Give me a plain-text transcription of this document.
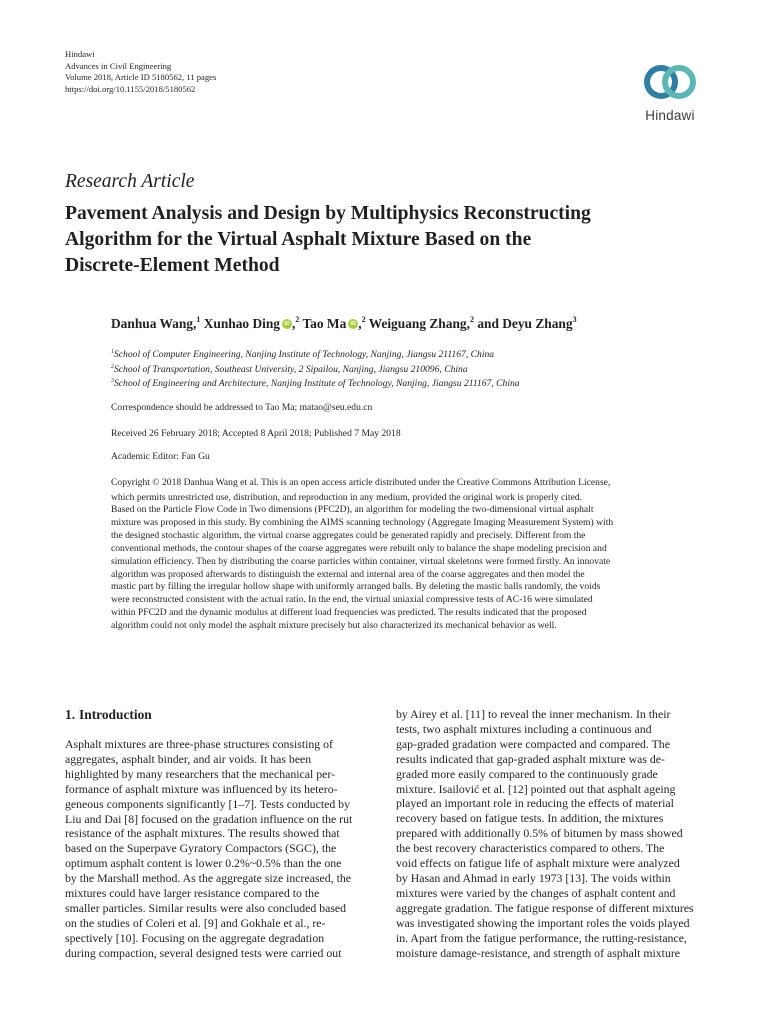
Hindawi
Advances in Civil Engineering
Volume 2018, Article ID 5180562, 11 pages
https://doi.org/10.1155/2018/5180562
Hindawi
Research Article
Pavement Analysis and Design by Multiphysics Reconstructing
Algorithm for the Virtual Asphalt Mixture Based on the
Discrete-Element Method
Danhua Wang,$^1$ Xunhao Ding iD ,$^2$ Tao Ma iD ,$^2$ Weiguang Zhang,$^2$ and Deyu Zhang$^3$
$^1$School of Computer Engineering, Nanjing Institute of Technology, Nanjing, Jiangsu 211167, China
$^2$School of Transportation, Southeast University, 2 Sipailou, Nanjing, Jiangsu 210096, China
$^3$School of Engineering and Architecture, Nanjing Institute of Technology, Nanjing, Jiangsu 211167, China
Correspondence should be addressed to Tao Ma; matao@seu.edu.cn
Received 26 February 2018; Accepted 8 April 2018; Published 7 May 2018
Academic Editor: Fan Gu
Copyright © 2018 Danhua Wang et al. This is an open access article distributed under the Creative Commons Attribution License,
which permits unrestricted use, distribution, and reproduction in any medium, provided the original work is properly cited.
Based on the Particle Flow Code in Two dimensions (PFC2D), an algorithm for modeling the two-dimensional virtual asphalt
mixture was proposed in this study. By combining the AIMS scanning technology (Aggregate Imaging Measurement System) with
the designed stochastic algorithm, the virtual coarse aggregates could be generated rapidly and precisely. Different from the
conventional methods, the contour shapes of the coarse aggregates were rebuilt only to balance the shape modeling precision and
simulation efficiency. Then by distributing the coarse particles within container, virtual skeletons were formed firstly. An innovate
algorithm was proposed afterwards to distinguish the external and internal area of the coarse aggregates and then model the
mastic part by filling the irregular hollow shape with uniformly arranged balls. By deleting the mastic balls randomly, the voids
were reconstructed consistent with the actual ratio. In the end, the virtual uniaxial compressive tests of AC-16 were simulated
within PFC2D and the dynamic modulus at different load frequencies was predicted. The results indicated that the proposed
algorithm could not only model the asphalt mixture precisely but also characterized its mechanical behavior as well.
1. Introduction
Asphalt mixtures are three-phase structures consisting of
aggregates, asphalt binder, and air voids. It has been
highlighted by many researchers that the mechanical per-
formance of asphalt mixture was influenced by its hetero-
geneous components significantly [1–7]. Tests conducted by
Liu and Dai [8] focused on the gradation influence on the rut
resistance of the asphalt mixtures. The results showed that
based on the Superpave Gyratory Compactors (SGC), the
optimum asphalt content is lower 0.2%~0.5% than the one
by the Marshall method. As the aggregate size increased, the
mixtures could have larger resistance compared to the
smaller particles. Similar results were also concluded based
on the studies of Coleri et al. [9] and Gokhale et al., re-
spectively [10]. Focusing on the aggregate degradation
during compaction, several designed tests were carried out
by Airey et al. [11] to reveal the inner mechanism. In their
tests, two asphalt mixtures including a continuous and
gap-graded gradation were compacted and compared. The
results indicated that gap-graded asphalt mixture was de-
graded more easily compared to the continuously grade
mixture. Isailović et al. [12] pointed out that asphalt ageing
played an important role in reducing the effects of material
recovery based on fatigue tests. In addition, the mixtures
prepared with additionally 0.5% of bitumen by mass showed
the best recovery characteristics compared to others. The
void effects on fatigue life of asphalt mixture were analyzed
by Hasan and Ahmad in early 1973 [13]. The voids within
mixtures were varied by the changes of asphalt content and
aggregate gradation. The fatigue response of different mixtures
was investigated showing the important roles the voids played
in. Apart from the fatigue performance, the rutting-resistance,
moisture damage-resistance, and strength of asphalt mixture
